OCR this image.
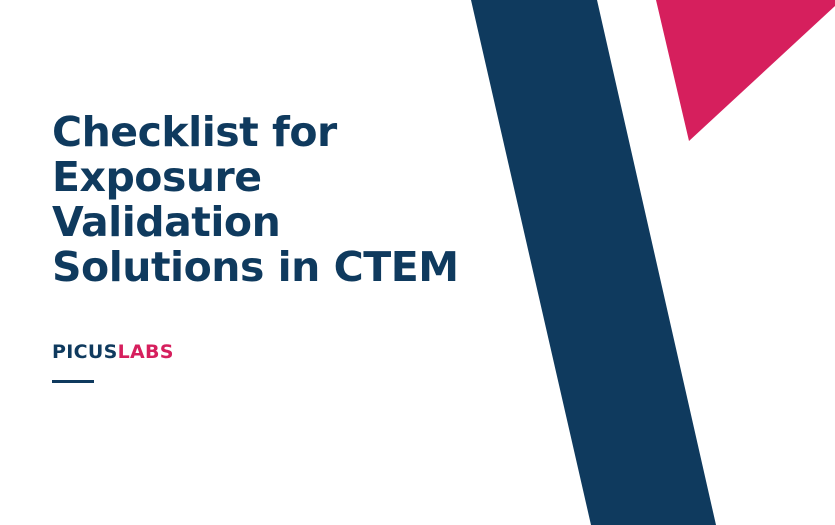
Checklist for
Exposure
Validation
Solutions in CTEM
PICUSLABS
